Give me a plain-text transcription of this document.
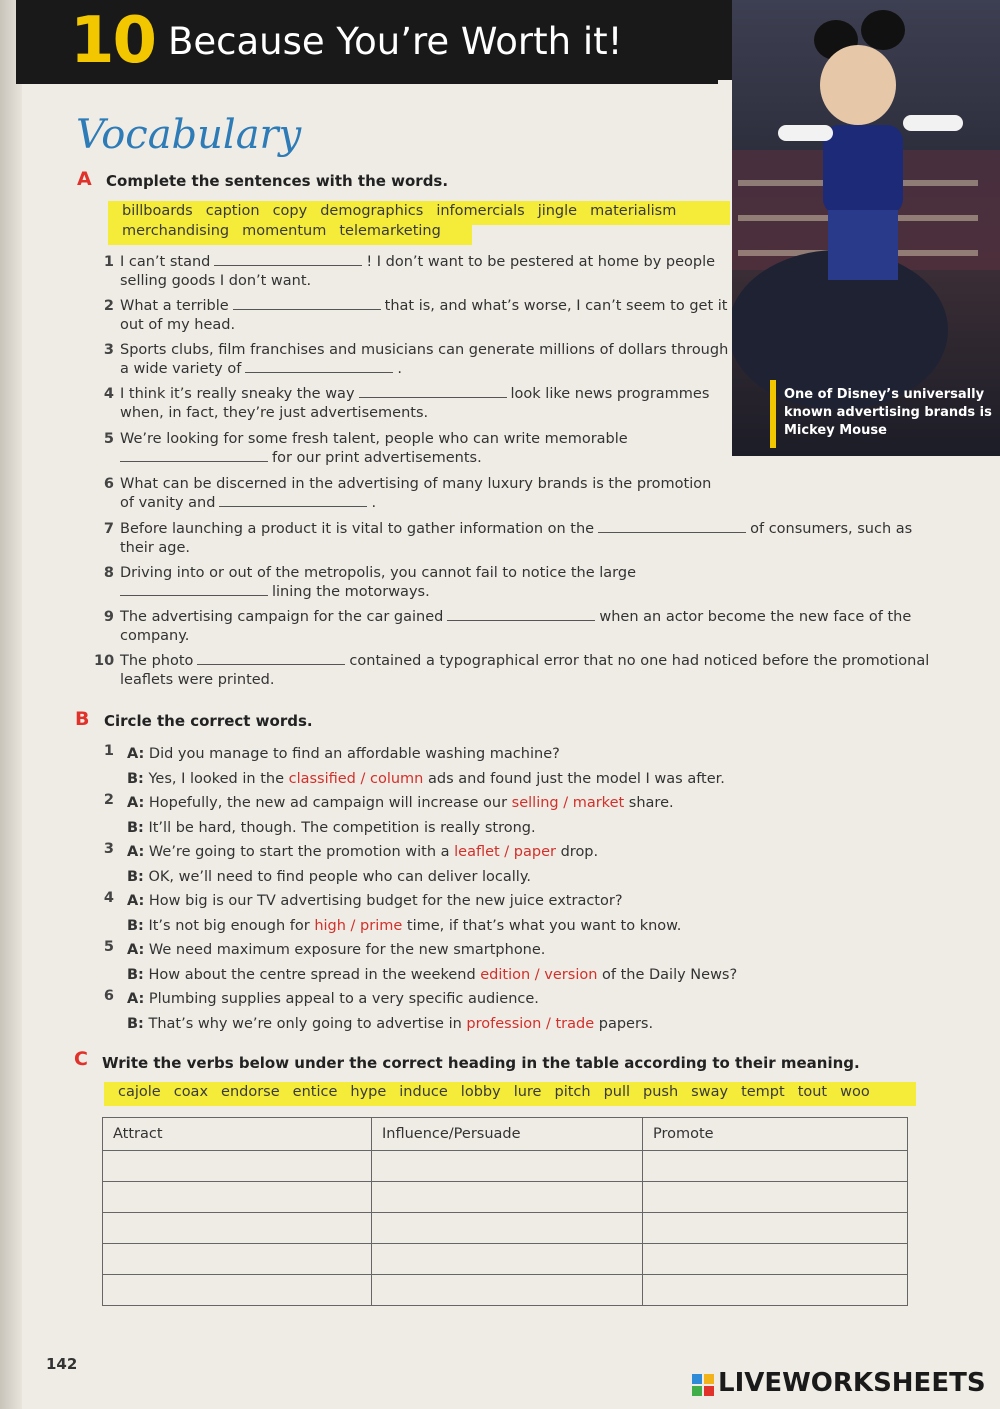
10 Because You’re Worth it!
One of Disney’s universally known advertising brands is Mickey Mouse
Vocabulary
A Complete the sentences with the words.
billboards caption copy demographics infomercials jingle materialism
merchandising momentum telemarketing
1 I can’t stand	! I don’t want to be pestered at home by people
selling goods I don’t want.
2 What a terrible	that is, and what’s worse, I can’t seem to get it
out of my head.
3 Sports clubs, film franchises and musicians can generate millions of dollars through
a wide variety of	.
4 I think it’s really sneaky the way	look like news programmes
when, in fact, they’re just advertisements.
5 We’re looking for some fresh talent, people who can write memorable
for our print advertisements.
6 What can be discerned in the advertising of many luxury brands is the promotion
of vanity and	.
7 Before launching a product it is vital to gather information on the	of consumers, such as
their age.
8 Driving into or out of the metropolis, you cannot fail to notice the large
lining the motorways.
9 The advertising campaign for the car gained	when an actor become the new face of the
company.
10 The photo	contained a typographical error that no one had noticed before the promotional
leaflets were printed.
B Circle the correct words.
1 A: Did you manage to find an affordable washing machine?
B: Yes, I looked in the classified / column ads and found just the model I was after.
2 A: Hopefully, the new ad campaign will increase our selling / market share.
B: It’ll be hard, though. The competition is really strong.
3 A: We’re going to start the promotion with a leaflet / paper drop.
B: OK, we’ll need to find people who can deliver locally.
4 A: How big is our TV advertising budget for the new juice extractor?
B: It’s not big enough for high / prime time, if that’s what you want to know.
5 A: We need maximum exposure for the new smartphone.
B: How about the centre spread in the weekend edition / version of the Daily News?
6 A: Plumbing supplies appeal to a very specific audience.
B: That’s why we’re only going to advertise in profession / trade papers.
C Write the verbs below under the correct heading in the table according to their meaning.
cajole coax endorse entice hype induce lobby lure pitch pull push sway tempt tout woo
Attract	Influence/Persuade	Promote

142
LIVEWORKSHEETS
